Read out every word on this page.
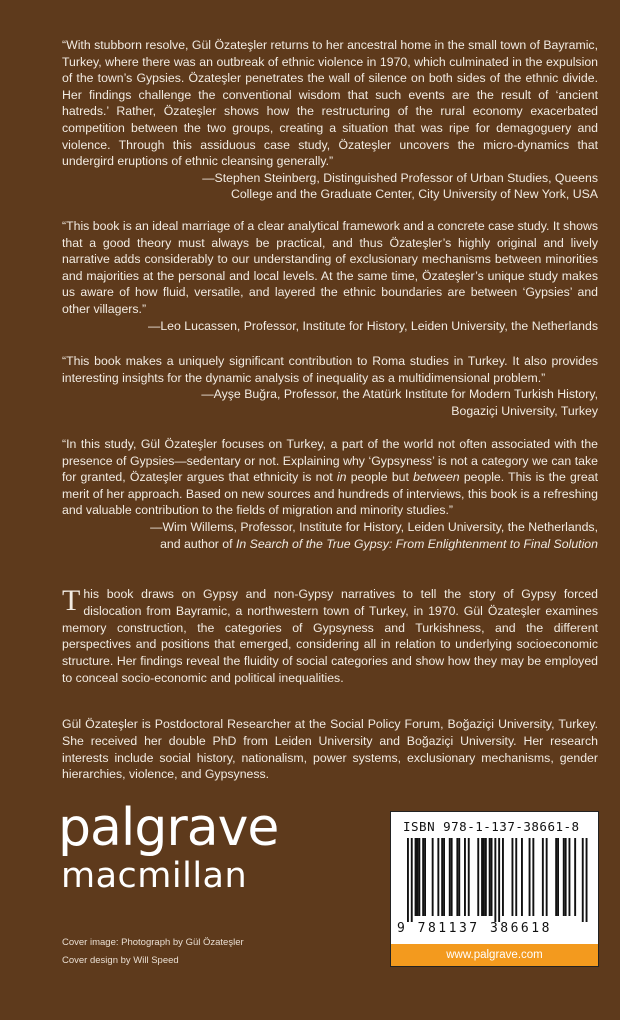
“With stubborn resolve, Gül Özateşler returns to her ancestral home in the small town of Bayramic, Turkey, where there was an outbreak of ethnic violence in 1970, which culminated in the expulsion of the town’s Gypsies. Özateşler penetrates the wall of silence on both sides of the ethnic divide. Her findings challenge the conventional wisdom that such events are the result of ‘ancient hatreds.’ Rather, Özateşler shows how the restructuring of the rural economy exacerbated competition between the two groups, creating a situation that was ripe for demagoguery and violence. Through this assiduous case study, Özateşler uncovers the micro-dynamics that undergird eruptions of ethnic cleansing generally.”

—Stephen Steinberg, Distinguished Professor of Urban Studies, Queens

College and the Graduate Center, City University of New York, USA

“This book is an ideal marriage of a clear analytical framework and a concrete case study. It shows that a good theory must always be practical, and thus Özateşler’s highly original and lively narrative adds considerably to our understanding of exclusionary mechanisms between minorities and majorities at the personal and local levels. At the same time, Özateşler’s unique study makes us aware of how fluid, versatile, and layered the ethnic boundaries are between ‘Gypsies’ and other villagers.”

—Leo Lucassen, Professor, Institute for History, Leiden University, the Netherlands

“This book makes a uniquely significant contribution to Roma studies in Turkey. It also provides interesting insights for the dynamic analysis of inequality as a multidimensional problem.”

—Ayşe Buğra, Professor, the Atatürk Institute for Modern Turkish History,

Bogaziçi University, Turkey

“In this study, Gül Özateşler focuses on Turkey, a part of the world not often associated with the presence of Gypsies—sedentary or not. Explaining why ‘Gypsyness’ is not a category we can take for granted, Özateşler argues that ethnicity is not in people but between people. This is the great merit of her approach. Based on new sources and hundreds of interviews, this book is a refreshing and valuable contribution to the fields of migration and minority studies.”

—Wim Willems, Professor, Institute for History, Leiden University, the Netherlands,

and author of In Search of the True Gypsy: From Enlightenment to Final Solution

This book draws on Gypsy and non-Gypsy narratives to tell the story of Gypsy forced dislocation from Bayramic, a northwestern town of Turkey, in 1970. Gül Özateşler examines memory construction, the categories of Gypsyness and Turkishness, and the different perspectives and positions that emerged, considering all in relation to underlying socioeconomic structure. Her findings reveal the fluidity of social categories and show how they may be employed to conceal socio-economic and political inequalities.
Gül Özateşler is Postdoctoral Researcher at the Social Policy Forum, Boğaziçi University, Turkey. She received her double PhD from Leiden University and Boğaziçi University. Her research interests include social history, nationalism, power systems, exclusionary mechanisms, gender hierarchies, violence, and Gypsyness.
palgrave
macmillan
Cover image: Photograph by Gül Özateşler
Cover design by Will Speed
ISBN 978-1-137-38661-8
9 781137 386618
www.palgrave.com
